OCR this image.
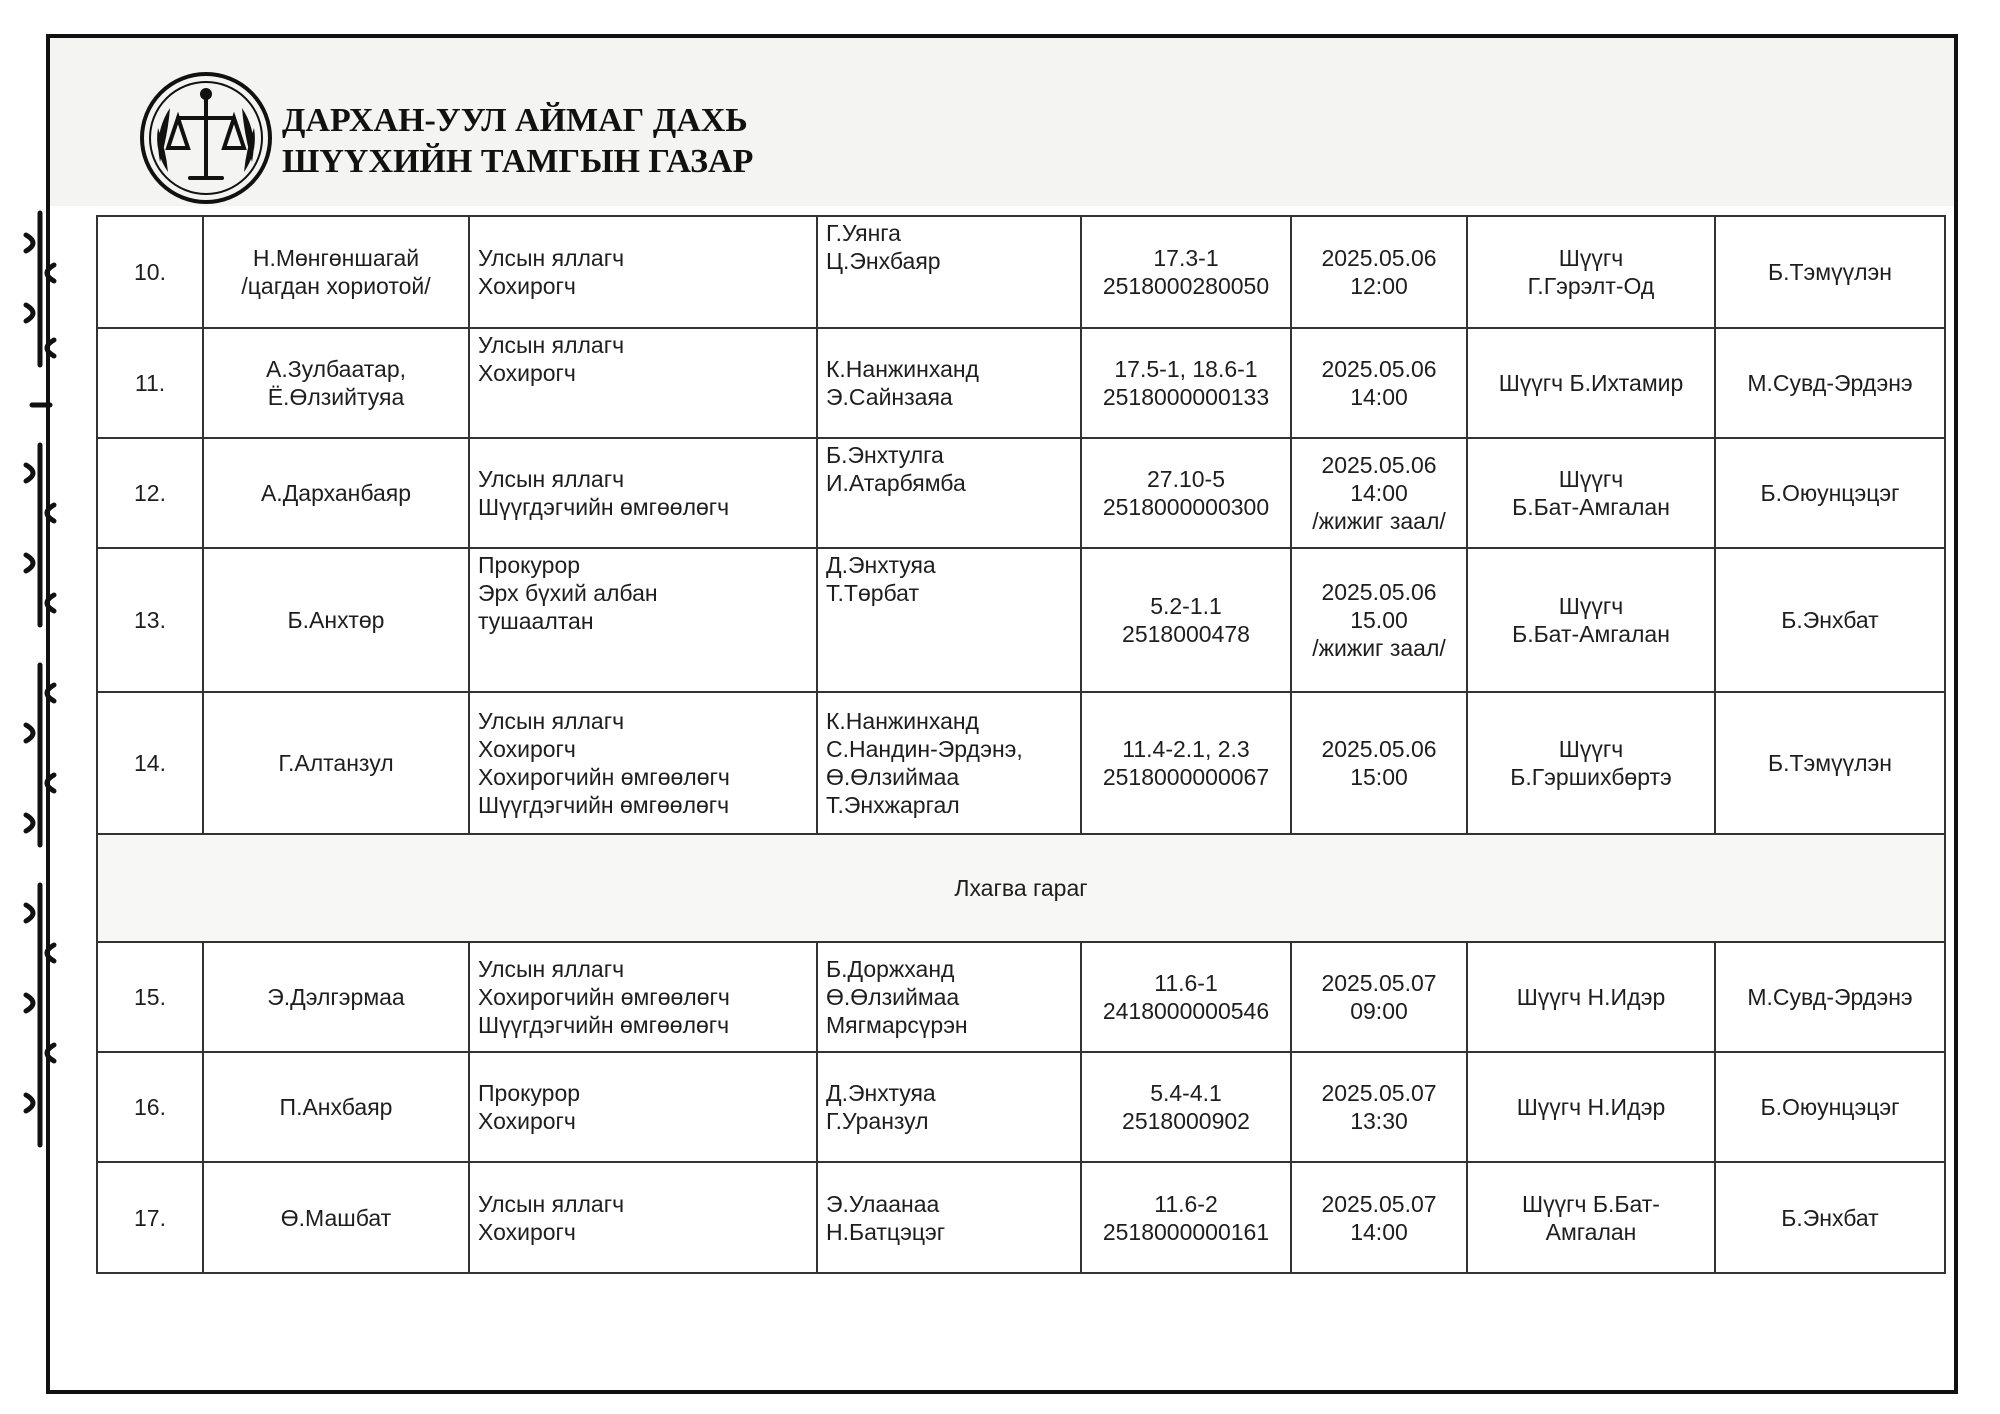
ДАРХАН-УУЛ АЙМАГ ДАХЬ
ШҮҮХИЙН ТАМГЫН ГАЗАР
10.	Н.Мөнгөншагай
/цагдан хориотой/	Улсын яллагч
Хохирогч	Г.Уянга
Ц.Энхбаяр	17.3-1
2518000280050	2025.05.06
12:00	Шүүгч
Г.Гэрэлт-Од	Б.Тэмүүлэн
11.	А.Зулбаатар,
Ё.Өлзийтуяа	Улсын яллагч
Хохирогч	К.Нанжинханд
Э.Сайнзаяа	17.5-1, 18.6-1
2518000000133	2025.05.06
14:00	Шүүгч Б.Ихтамир	М.Сувд-Эрдэнэ
12.	А.Дарханбаяр	Улсын яллагч
Шүүгдэгчийн өмгөөлөгч	Б.Энхтулга
И.Атарбямба	27.10-5
2518000000300	2025.05.06
14:00
/жижиг заал/	Шүүгч
Б.Бат-Амгалан	Б.Оюунцэцэг
13.	Б.Анхтөр	Прокурор
Эрх бүхий албан
тушаалтан	Д.Энхтуяа
Т.Төрбат	5.2-1.1
2518000478	2025.05.06
15.00
/жижиг заал/	Шүүгч
Б.Бат-Амгалан	Б.Энхбат
14.	Г.Алтанзул	Улсын яллагч
Хохирогч
Хохирогчийн өмгөөлөгч
Шүүгдэгчийн өмгөөлөгч	К.Нанжинханд
С.Нандин-Эрдэнэ,
Ө.Өлзиймаа
Т.Энхжаргал	11.4-2.1, 2.3
2518000000067	2025.05.06
15:00	Шүүгч
Б.Гэршихбөртэ	Б.Тэмүүлэн
Лхагва гараг							
15.	Э.Дэлгэрмаа	Улсын яллагч
Хохирогчийн өмгөөлөгч
Шүүгдэгчийн өмгөөлөгч	Б.Доржханд
Ө.Өлзиймаа
Мягмарсүрэн	11.6-1
2418000000546	2025.05.07
09:00	Шүүгч Н.Идэр	М.Сувд-Эрдэнэ
16.	П.Анхбаяр	Прокурор
Хохирогч	Д.Энхтуяа
Г.Уранзул	5.4-4.1
2518000902	2025.05.07
13:30	Шүүгч Н.Идэр	Б.Оюунцэцэг
17.	Ө.Машбат	Улсын яллагч
Хохирогч	Э.Улаанаа
Н.Батцэцэг	11.6-2
2518000000161	2025.05.07
14:00	Шүүгч Б.Бат-
Амгалан	Б.Энхбат
